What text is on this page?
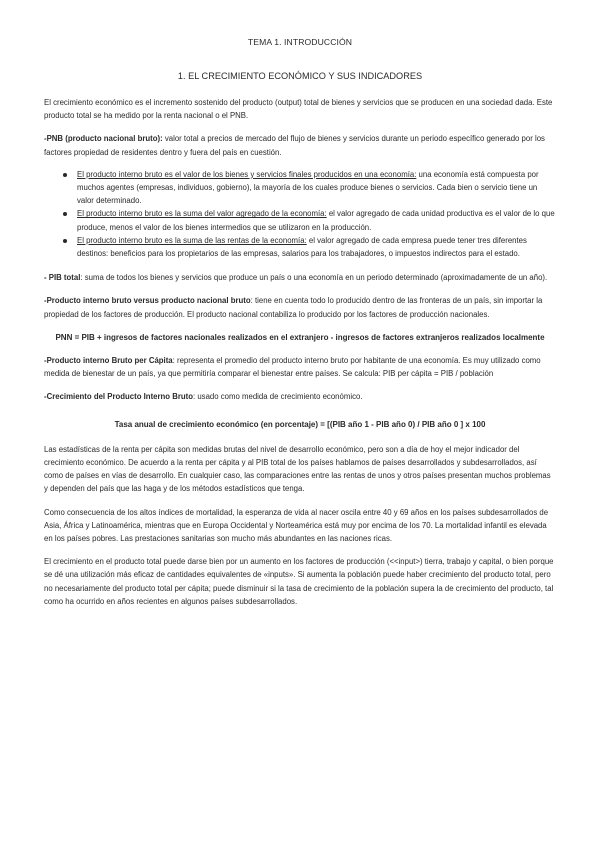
TEMA 1. INTRODUCCIÓN
1. EL CRECIMIENTO ECONÓMICO Y SUS INDICADORES

El crecimiento económico es el incremento sostenido del producto (output) total de bienes y servicios que se producen en una sociedad dada. Este producto total se ha medido por la renta nacional o el PNB.

-PNB (producto nacional bruto): valor total a precios de mercado del flujo de bienes y servicios durante un periodo específico generado por los factores propiedad de residentes dentro y fuera del país en cuestión.

El producto interno bruto es el valor de los bienes y servicios finales producidos en una economía: una economía está compuesta por muchos agentes (empresas, individuos, gobierno), la mayoría de los cuales produce bienes o servicios. Cada bien o servicio tiene un valor determinado.
El producto interno bruto es la suma del valor agregado de la economía: el valor agregado de cada unidad productiva es el valor de lo que produce, menos el valor de los bienes intermedios que se utilizaron en la producción.
El producto interno bruto es la suma de las rentas de la economía: el valor agregado de cada empresa puede tener tres diferentes destinos: beneficios para los propietarios de las empresas, salarios para los trabajadores, o impuestos indirectos para el estado.

- PIB total: suma de todos los bienes y servicios que produce un país o una economía en un periodo determinado (aproximadamente de un año).

-Producto interno bruto versus producto nacional bruto: tiene en cuenta todo lo producido dentro de las fronteras de un país, sin importar la propiedad de los factores de producción. El producto nacional contabiliza lo producido por los factores de producción nacionales.

PNN = PIB + ingresos de factores nacionales realizados en el extranjero - ingresos de factores extranjeros realizados localmente

-Producto interno Bruto per Cápita: representa el promedio del producto interno bruto por habitante de una economía. Es muy utilizado como medida de bienestar de un país, ya que permitiría comparar el bienestar entre países. Se calcula: PIB per cápita = PIB / población

-Crecimiento del Producto Interno Bruto: usado como medida de crecimiento económico.

Tasa anual de crecimiento económico (en porcentaje) = [(PIB año 1 - PIB año 0) / PIB año 0 ] x 100

Las estadísticas de la renta per cápita son medidas brutas del nivel de desarrollo económico, pero son a día de hoy el mejor indicador del crecimiento económico. De acuerdo a la renta per cápita y al PIB total de los países hablamos de países desarrollados y subdesarrollados, así como de países en vías de desarrollo. En cualquier caso, las comparaciones entre las rentas de unos y otros países presentan muchos problemas y dependen del país que las haga y de los métodos estadísticos que tenga.

Como consecuencia de los altos índices de mortalidad, la esperanza de vida al nacer oscila entre 40 y 69 años en los países subdesarrollados de Asia, África y Latinoamérica, mientras que en Europa Occidental y Norteamérica está muy por encima de los 70. La mortalidad infantil es elevada en los países pobres. Las prestaciones sanitarias son mucho más abundantes en las naciones ricas.

El crecimiento en el producto total puede darse bien por un aumento en los factores de producción (<<input>) tierra, trabajo y capital, o bien porque se dé una utilización más eficaz de cantidades equivalentes de «inputs». Si aumenta la población puede haber crecimiento del producto total, pero no necesariamente del producto total per cápita; puede disminuir si la tasa de crecimiento de la población supera la de crecimiento del producto, tal como ha ocurrido en años recientes en algunos países subdesarrollados.
